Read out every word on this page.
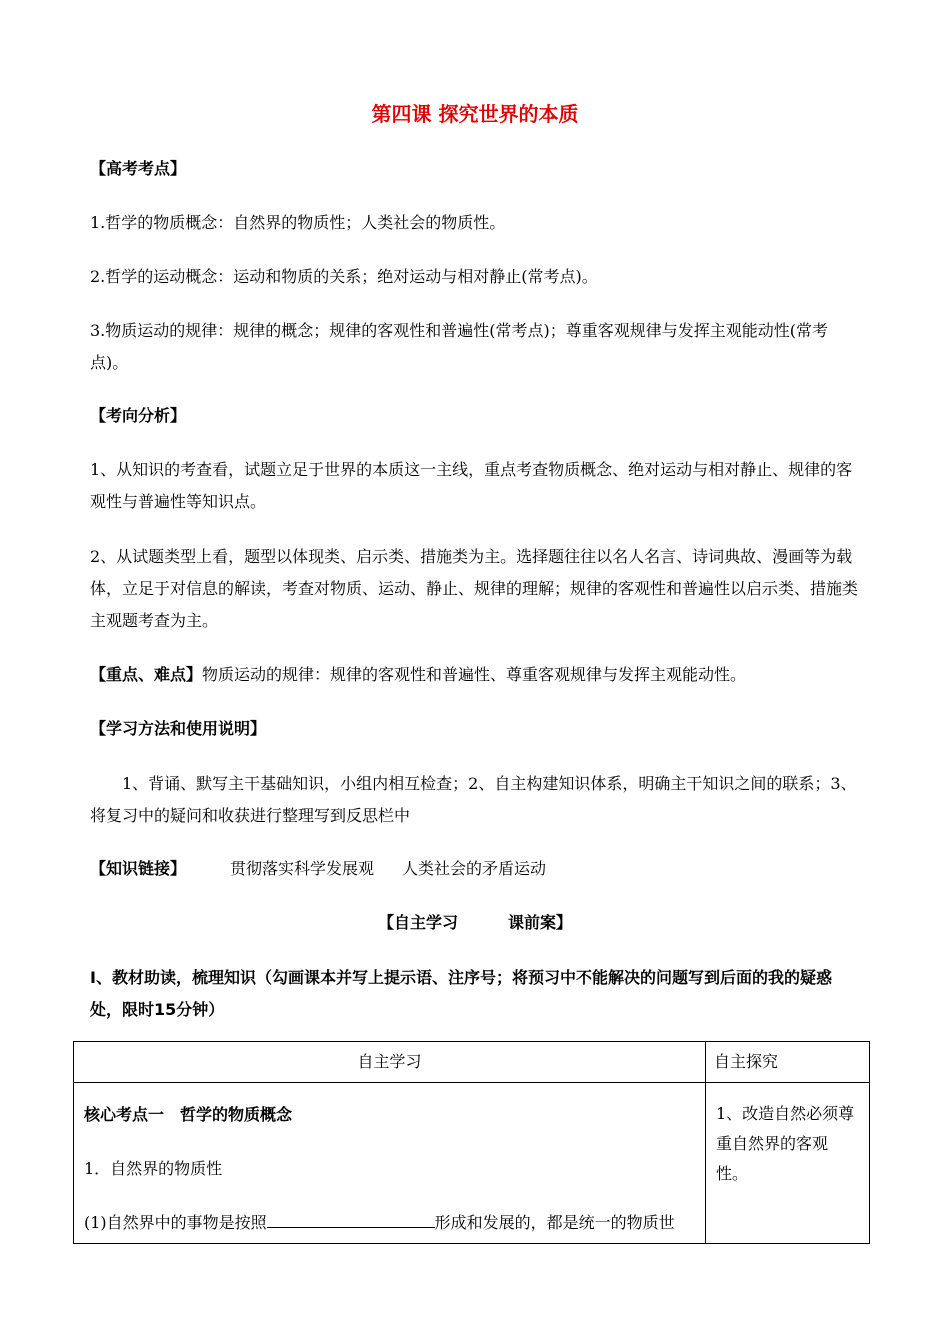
第四课 探究世界的本质
【高考考点】
1.哲学的物质概念：自然界的物质性；人类社会的物质性。
2.哲学的运动概念：运动和物质的关系；绝对运动与相对静止(常考点)。
3.物质运动的规律：规律的概念；规律的客观性和普遍性(常考点)；尊重客观规律与发挥主观能动性(常考点)。
【考向分析】
1、从知识的考查看，试题立足于世界的本质这一主线，重点考查物质概念、绝对运动与相对静止、规律的客观性与普遍性等知识点。
2、从试题类型上看，题型以体现类、启示类、措施类为主。选择题往往以名人名言、诗词典故、漫画等为载体，立足于对信息的解读，考查对物质、运动、静止、规律的理解；规律的客观性和普遍性以启示类、措施类主观题考查为主。
【重点、难点】物质运动的规律：规律的客观性和普遍性、尊重客观规律与发挥主观能动性。
【学习方法和使用说明】
1、背诵、默写主干基础知识，小组内相互检查；2、自主构建知识体系，明确主干知识之间的联系；3、将复习中的疑问和收获进行整理写到反思栏中
【知识链接】	贯彻落实科学发展观 人类社会的矛盾运动
【自主学习	课前案】
I、教材助读，梳理知识（勾画课本并写上提示语、注序号；将预习中不能解决的问题写到后面的我的疑惑处，限时15分钟）
自主学习	自主探究

核心考点一　哲学的物质概念

1．自然界的物质性

(1)自然界中的事物是按照 形成和发展的，都是统一的物质世	1、改造自然必须尊重自然界的客观性。
